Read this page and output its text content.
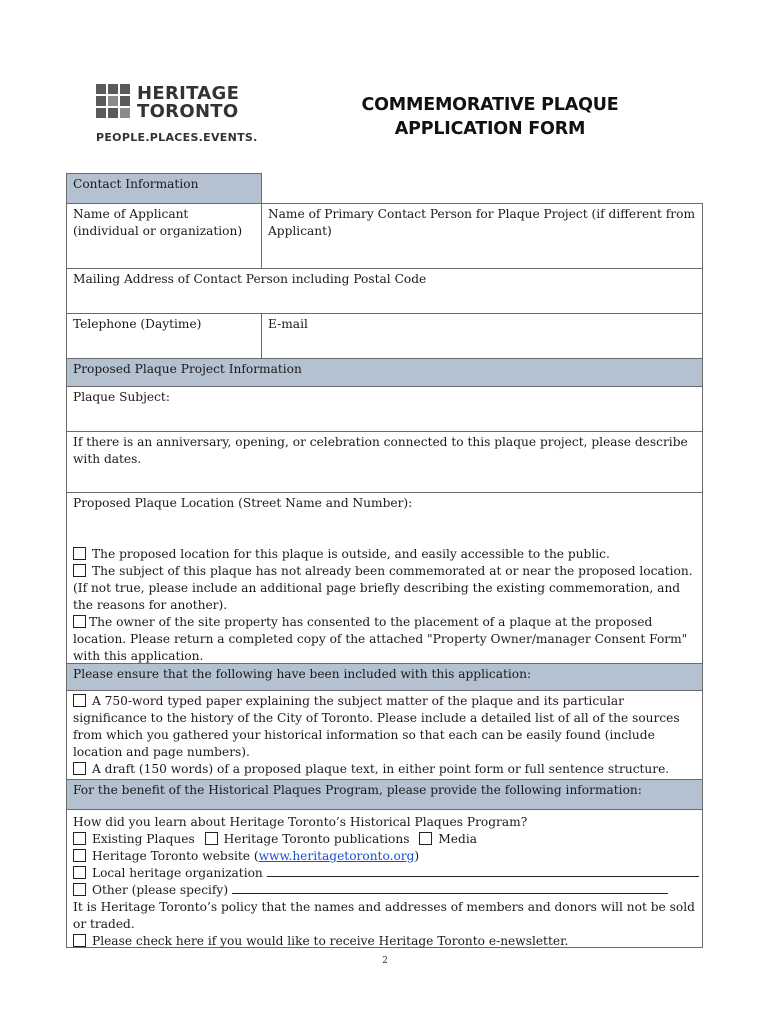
HERITAGE
TORONTO
PEOPLE.PLACES.EVENTS.
COMMEMORATIVE PLAQUE
APPLICATION FORM
Contact Information
Name of Applicant
(individual or organization)
Name of Primary Contact Person for Plaque Project (if different from
Applicant)
Mailing Address of Contact Person including Postal Code
Telephone (Daytime)	E-mail
Proposed Plaque Project Information
Plaque Subject:
If there is an anniversary, opening, or celebration connected to this plaque project, please describe
with dates.
Proposed Plaque Location (Street Name and Number):
The proposed location for this plaque is outside, and easily accessible to the public.
The subject of this plaque has not already been commemorated at or near the proposed location.
(If not true, please include an additional page briefly describing the existing commemoration, and
the reasons for another).
The owner of the site property has consented to the placement of a plaque at the proposed
location. Please return a completed copy of the attached "Property Owner/manager Consent Form"
with this application.
Please ensure that the following have been included with this application:
A 750-word typed paper explaining the subject matter of the plaque and its particular
significance to the history of the City of Toronto. Please include a detailed list of all of the sources
from which you gathered your historical information so that each can be easily found (include
location and page numbers).
A draft (150 words) of a proposed plaque text, in either point form or full sentence structure.
For the benefit of the Historical Plaques Program, please provide the following information:
How did you learn about Heritage Toronto’s Historical Plaques Program?
Existing Plaques Heritage Toronto publications Media
Heritage Toronto website (www.heritagetoronto.org)
Local heritage organization
Other (please specify)
It is Heritage Toronto’s policy that the names and addresses of members and donors will not be sold
or traded.
Please check here if you would like to receive Heritage Toronto e-newsletter.
2
